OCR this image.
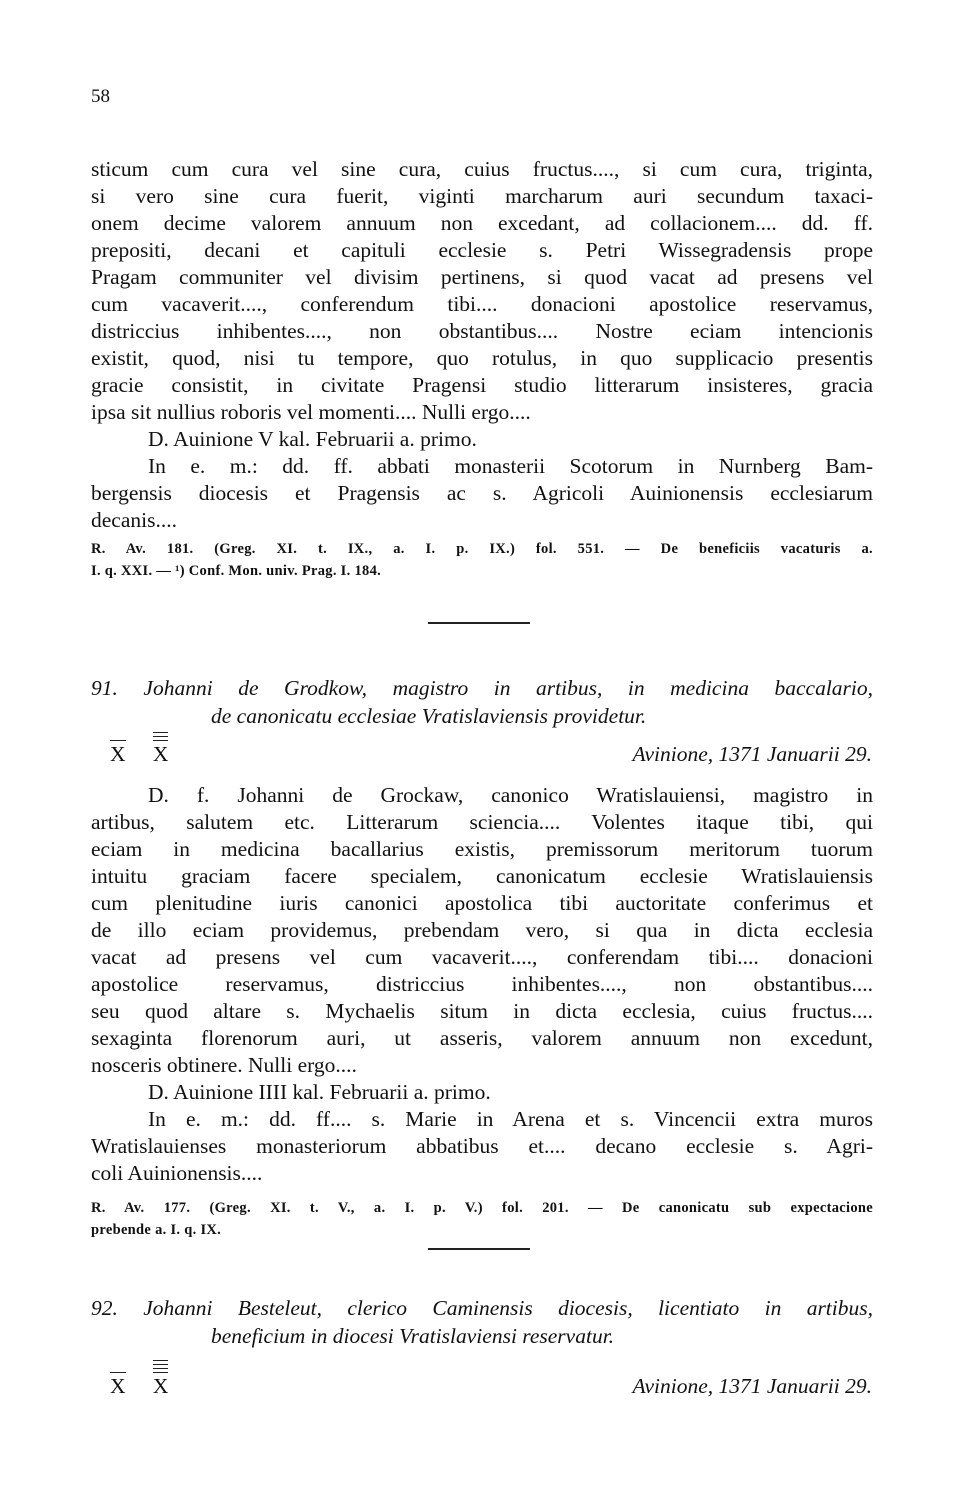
58
sticum cum cura vel sine cura, cuius fructus...., si cum cura, triginta,
si vero sine cura fuerit, viginti marcharum auri secundum taxaci-
onem decime valorem annuum non excedant, ad collacionem.... dd. ff.
prepositi, decani et capituli ecclesie s. Petri Wissegradensis prope
Pragam communiter vel divisim pertinens, si quod vacat ad presens vel
cum vacaverit...., conferendum tibi.... donacioni apostolice reservamus,
districcius inhibentes...., non obstantibus.... Nostre eciam intencionis
existit, quod, nisi tu tempore, quo rotulus, in quo supplicacio presentis
gracie consistit, in civitate Pragensi studio litterarum insisteres, gracia
ipsa sit nullius roboris vel momenti.... Nulli ergo....
D. Auinione V kal. Februarii a. primo.
In e. m.: dd. ff. abbati monasterii Scotorum in Nurnberg Bam-
bergensis diocesis et Pragensis ac s. Agricoli Auinionensis ecclesiarum
decanis....
R. Av. 181. (Greg. XI. t. IX., a. I. p. IX.) fol. 551. — De beneficiis vacaturis a.
I. q. XXI. — ¹) Conf. Mon. univ. Prag. I. 184.
91. Johanni de Grodkow, magistro in artibus, in medicina baccalario,
de canonicatu ecclesiae Vratislaviensis providetur.
X X	Avinione, 1371 Januarii 29.
D. f. Johanni de Grockaw, canonico Wratislauiensi, magistro in
artibus, salutem etc. Litterarum sciencia.... Volentes itaque tibi, qui
eciam in medicina bacallarius existis, premissorum meritorum tuorum
intuitu graciam facere specialem, canonicatum ecclesie Wratislauiensis
cum plenitudine iuris canonici apostolica tibi auctoritate conferimus et
de illo eciam providemus, prebendam vero, si qua in dicta ecclesia
vacat ad presens vel cum vacaverit...., conferendam tibi.... donacioni
apostolice reservamus, districcius inhibentes...., non obstantibus....
seu quod altare s. Mychaelis situm in dicta ecclesia, cuius fructus....
sexaginta florenorum auri, ut asseris, valorem annuum non excedunt,
nosceris obtinere. Nulli ergo....
D. Auinione IIII kal. Februarii a. primo.
In e. m.: dd. ff.... s. Marie in Arena et s. Vincencii extra muros
Wratislauienses monasteriorum abbatibus et.... decano ecclesie s. Agri-
coli Auinionensis....
R. Av. 177. (Greg. XI. t. V., a. I. p. V.) fol. 201. — De canonicatu sub expectacione
prebende a. I. q. IX.
92. Johanni Besteleut, clerico Caminensis diocesis, licentiato in artibus,
beneficium in diocesi Vratislaviensi reservatur.
X X	Avinione, 1371 Januarii 29.
